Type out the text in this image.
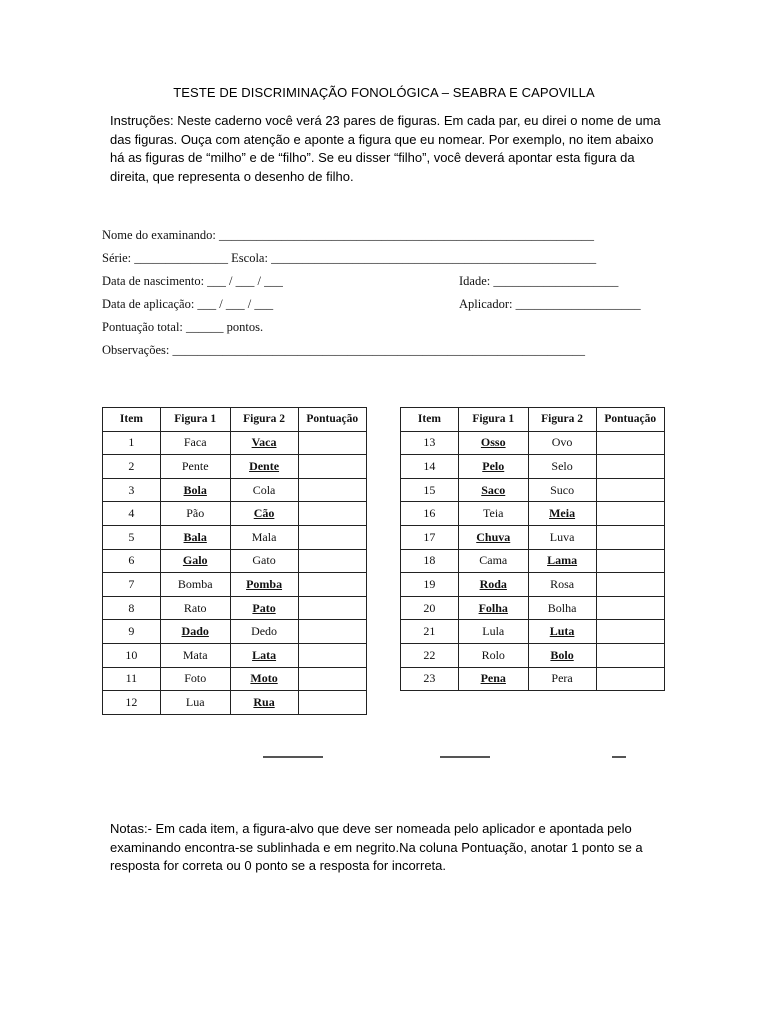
TESTE DE DISCRIMINAÇÃO FONOLÓGICA – SEABRA E CAPOVILLA
Instruções: Neste caderno você verá 23 pares de figuras. Em cada par, eu direi o nome de uma das figuras. Ouça com atenção e aponte a figura que eu nomear. Por exemplo, no item abaixo há as figuras de “milho” e de “filho”. Se eu disser “filho”, você deverá apontar esta figura da direita, que representa o desenho de filho.
Nome do examinando: ____________________________________________________________
Série: _______________ Escola: ____________________________________________________
Data de nascimento: ___ / ___ / ___	Idade: ____________________
Data de aplicação: ___ / ___ / ___	Aplicador: ____________________
Pontuação total: ______ pontos.
Observações: __________________________________________________________________
Item	Figura 1	Figura 2	Pontuação
1	Faca	Vaca	
2	Pente	Dente	
3	Bola	Cola	
4	Pão	Cão	
5	Bala	Mala	
6	Galo	Gato	
7	Bomba	Pomba	
8	Rato	Pato	
9	Dado	Dedo	
10	Mata	Lata	
11	Foto	Moto	
12	Lua	Rua	
Item	Figura 1	Figura 2	Pontuação
13	Osso	Ovo	
14	Pelo	Selo	
15	Saco	Suco	
16	Teia	Meia	
17	Chuva	Luva	
18	Cama	Lama	
19	Roda	Rosa	
20	Folha	Bolha	
21	Lula	Luta	
22	Rolo	Bolo	
23	Pena	Pera	
Notas:- Em cada item, a figura-alvo que deve ser nomeada pelo aplicador e apontada pelo examinando encontra-se sublinhada e em negrito.Na coluna Pontuação, anotar 1 ponto se a resposta for correta ou 0 ponto se a resposta for incorreta.
